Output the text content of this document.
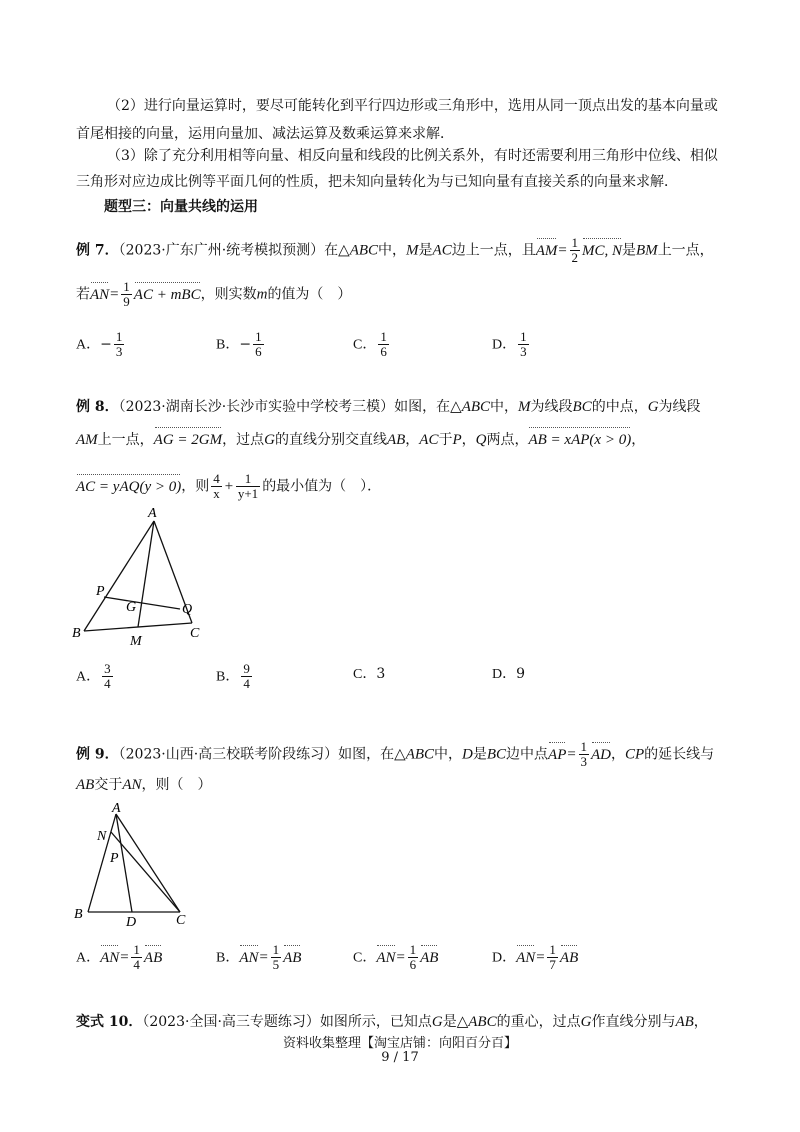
（2）进行向量运算时，要尽可能转化到平行四边形或三角形中，选用从同一顶点出发的基本向量或
首尾相接的向量，运用向量加、减法运算及数乘运算来求解．
（3）除了充分利用相等向量、相反向量和线段的比例关系外，有时还需要利用三角形中位线、相似
三角形对应边成比例等平面几何的性质，把未知向量转化为与已知向量有直接关系的向量来求解．
题型三：向量共线的运用
例 7．（2023·广东广州·统考模拟预测）在△ABC中，M是AC边上一点，且$AM= \frac{1}{2}$ MC, N是BM上一点，
若$AN= \frac{1}{9}$ AC + mBC，则实数m的值为（　）
A．− $\frac{1}{3}$	B．− $\frac{1}{6}$	C． $\frac{1}{6}$	D． $\frac{1}{3}$
例 8．（2023·湖南长沙·长沙市实验中学校考三模）如图，在△ABC中，M为线段BC的中点，G为线段
AM上一点，AG = 2GM，过点G的直线分别交直线AB，AC于P，Q两点，AB = xAP(x > 0)，
AC = yAQ(y > 0)，则 $\frac{4}{x} + \frac{1}{y+1}$ 的最小值为（　）．
A
B	C
M
P
Q
G
A． $\frac{3}{4}$	B． $\frac{9}{4}$	C．3	D．9
例 9．（2023·山西·高三校联考阶段练习）如图，在△ABC中，D是BC边中点$AP= \frac{1}{3}$ AD，CP的延长线与
AB交于AN，则（　）
A
N
P
B
D	C
A．$AN= \frac{1}{4}$ AB	B．$AN= \frac{1}{5}$ AB	C．$AN= \frac{1}{6}$ AB	D．$AN= \frac{1}{7}$ AB
变式 10．（2023·全国·高三专题练习）如图所示，已知点G是△ABC的重心，过点G作直线分别与AB，
资料收集整理【淘宝店铺：向阳百分百】
9 / 17
